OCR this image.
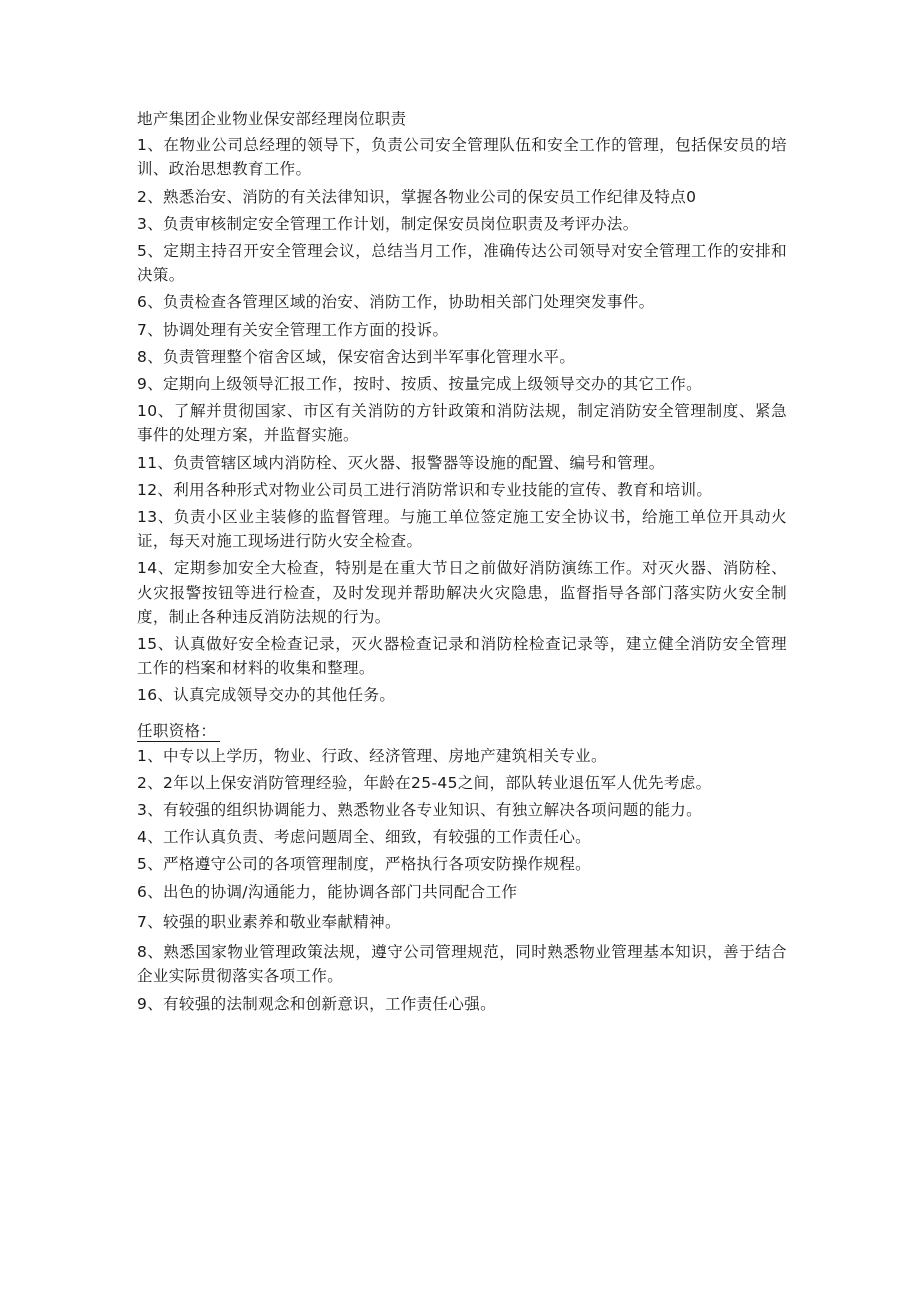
地产集团企业物业保安部经理岗位职责

1、在物业公司总经理的领导下，负责公司安全管理队伍和安全工作的管理，包括保安员的培训、政治思想教育工作。

2、熟悉治安、消防的有关法律知识，掌握各物业公司的保安员工作纪律及特点0

3、负责审核制定安全管理工作计划，制定保安员岗位职责及考评办法。

5、定期主持召开安全管理会议，总结当月工作，准确传达公司领导对安全管理工作的安排和决策。

6、负责检查各管理区域的治安、消防工作，协助相关部门处理突发事件。

7、协调处理有关安全管理工作方面的投诉。

8、负责管理整个宿舍区域，保安宿舍达到半军事化管理水平。

9、定期向上级领导汇报工作，按时、按质、按量完成上级领导交办的其它工作。

10、了解并贯彻国家、市区有关消防的方针政策和消防法规，制定消防安全管理制度、紧急事件的处理方案，并监督实施。

11、负责管辖区域内消防栓、灭火器、报警器等设施的配置、编号和管理。

12、利用各种形式对物业公司员工进行消防常识和专业技能的宣传、教育和培训。

13、负责小区业主装修的监督管理。与施工单位签定施工安全协议书，给施工单位开具动火证，每天对施工现场进行防火安全检查。

14、定期参加安全大检查，特别是在重大节日之前做好消防演练工作。对灭火器、消防栓、火灾报警按钮等进行检查，及时发现并帮助解决火灾隐患，监督指导各部门落实防火安全制度，制止各种违反消防法规的行为。

15、认真做好安全检查记录，灭火器检查记录和消防栓检查记录等，建立健全消防安全管理工作的档案和材料的收集和整理。

16、认真完成领导交办的其他任务。

任职资格：

1、中专以上学历，物业、行政、经济管理、房地产建筑相关专业。

2、2年以上保安消防管理经验，年龄在25-45之间，部队转业退伍军人优先考虑。

3、有较强的组织协调能力、熟悉物业各专业知识、有独立解决各项问题的能力。

4、工作认真负责、考虑问题周全、细致，有较强的工作责任心。

5、严格遵守公司的各项管理制度，严格执行各项安防操作规程。

6、出色的协调/沟通能力，能协调各部门共同配合工作

7、较强的职业素养和敬业奉献精神。

8、熟悉国家物业管理政策法规，遵守公司管理规范，同时熟悉物业管理基本知识，善于结合企业实际贯彻落实各项工作。

9、有较强的法制观念和创新意识，工作责任心强。
